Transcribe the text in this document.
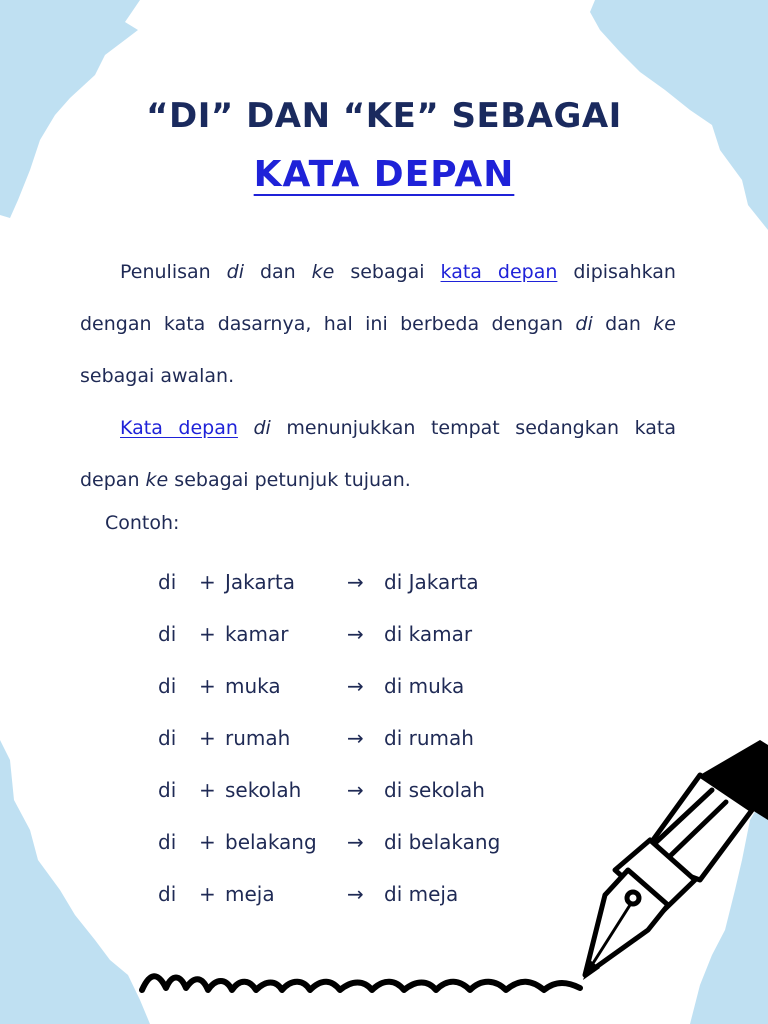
“DI” DAN “KE” SEBAGAI
KATA DEPAN
Penulisan di dan ke sebagai kata depan dipisahkan dengan kata dasarnya, hal ini berbeda dengan di dan ke sebagai awalan.
Kata depan di menunjukkan tempat sedangkan kata depan ke sebagai petunjuk tujuan.
Contoh:
di + Jakarta	→ di Jakarta
di + kamar	→ di kamar
di + muka	→ di muka
di + rumah	→ di rumah
di + sekolah → di sekolah
di + belakang → di belakang
di + meja	→ di meja
